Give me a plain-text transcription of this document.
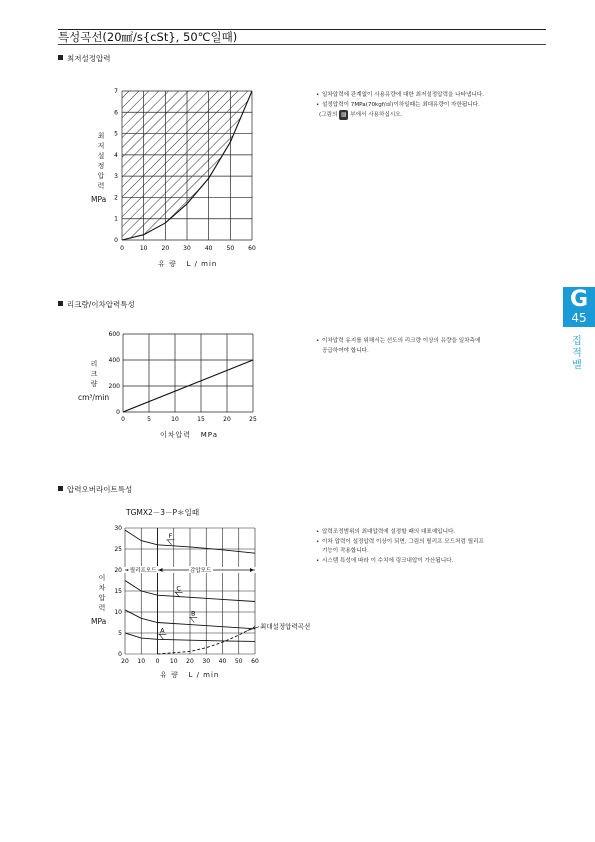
특성곡선(20㎟/s{cSt}, 50℃일때)
최저설정압력
최
저
설
정
압
력
MPa
0	10 20 30 40 50 60
0
1
2
3
4
5
6
7
유 량 L / min
• 일차압력에 관계없이 사용유량에 대한 최저설정압력을 나타냅니다.
• 설정압력이 7MPa(70kgf/㎠)이하일때는 최대유량이 자한됩니다.
(그림의 ▨ 부에서 사용하십시오.
리크량/이차압력특성
리
크
량
cm³/min
0	5	10	15	20	25
0
200
400
600
이차압력 MPa
• 이차압력 유지를 위해서는 선도의 리크량 이상의 유량을 일차측에
공급하여야 합니다.
압력오버라이트특성
TGMX2－3－P＊일때
이
차
압
력
MPa
20 10 0 10 20 30 40 50 60
0
5
10
15
20
25
30
릴리프모드	감압모드
F
C
B
A	최대설정압력곡선
유 량 L / min
• 압력조정범위의 최대압력에 설정할 때의 대표예입니다.
• 이차 압력이 설정압력 이상이 되면, 그림의 릴리프 모드처럼 릴리프
기능이 작용합니다.
• 시스템 특성에 따라 이 수치에 링크내압이 가산됩니다.
G
45
집
적
밸
